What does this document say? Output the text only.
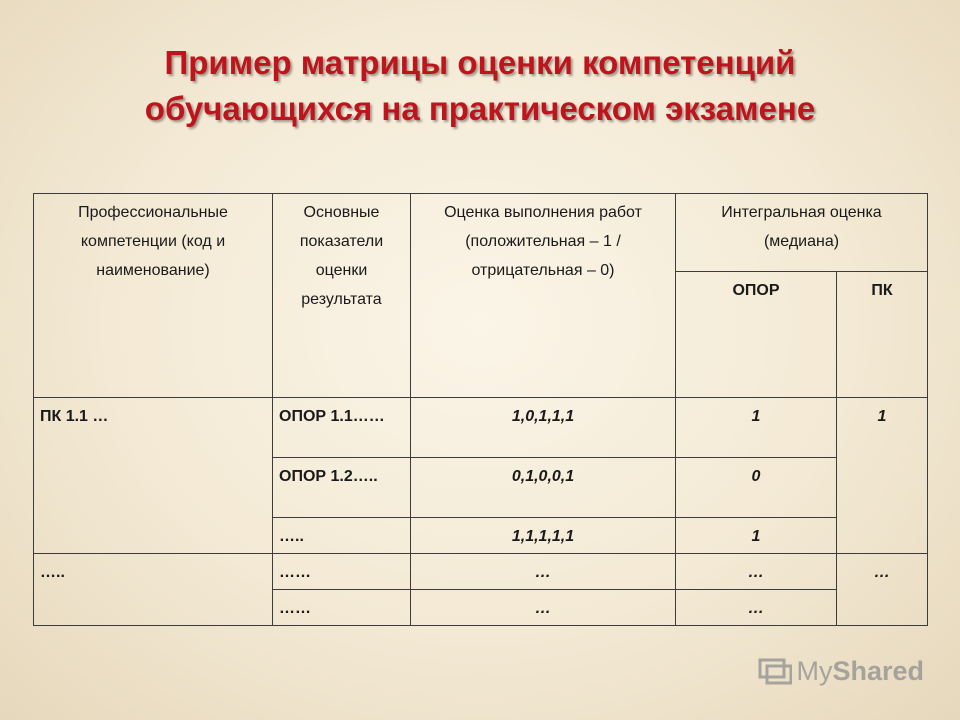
Пример матрицы оценки компетенций
обучающихся на практическом экзамене
Профессиональные компетенции (код и наименование)	Основные показатели оценки результата	Оценка выполнения работ (положительная – 1 / отрицательная – 0)	Интегральная оценка (медиана)	
			ОПОР	ПК
ПК 1.1 …	ОПОР 1.1……	1,0,1,1,1	1	1
	ОПОР 1.2…..	0,1,0,0,1	0	
	…..	1,1,1,1,1	1	
…..	……	…	…	…
	……	…	…	
MyShared
